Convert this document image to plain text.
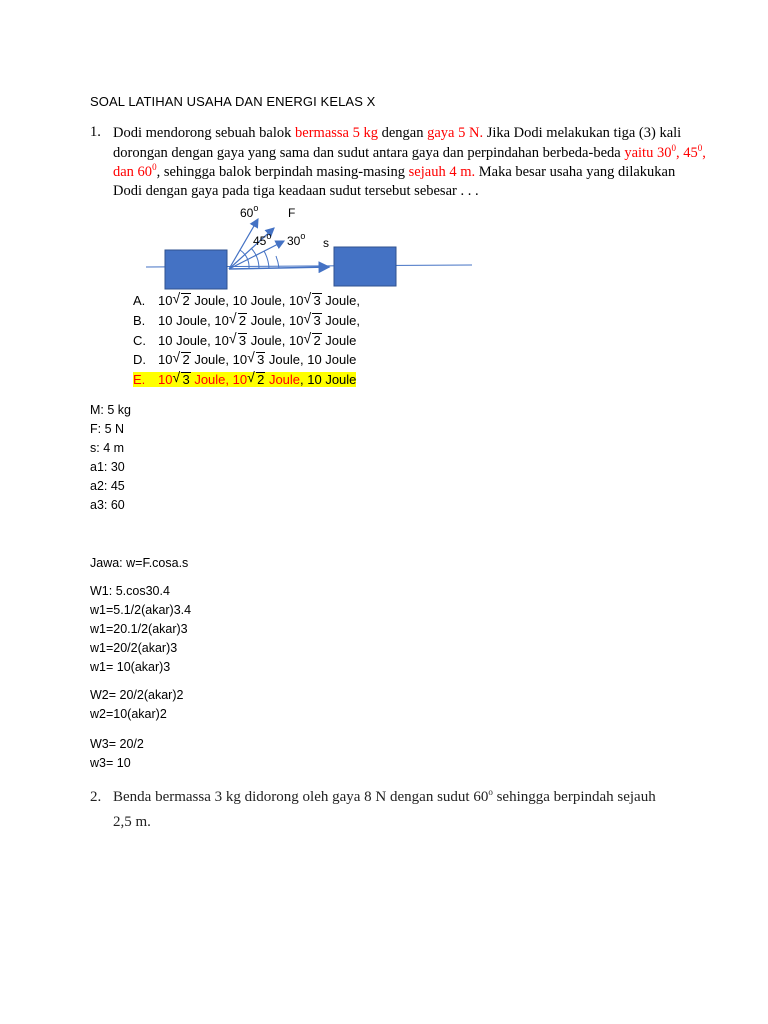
SOAL LATIHAN USAHA DAN ENERGI KELAS X
1. Dodi mendorong sebuah balok bermassa 5 kg dengan gaya 5 N. Jika Dodi melakukan tiga (3) kali
dorongan dengan gaya yang sama dan sudut antara gaya dan perpindahan berbeda-beda yaitu $30^0$, $45^0$,
dan $60^0$, sehingga balok berpindah masing-masing sejauh 4 m. Maka besar usaha yang dilakukan
Dodi dengan gaya pada tiga keadaan sudut tersebut sebesar . . .
60$^o$ F
45$^o$ 30$^o$ s
A. 10 √ 2 Joule, 10 Joule, 10 √ 3 Joule,
B. 10 Joule, 10 √ 2 Joule, 10 √ 3 Joule,
C. 10 Joule, 10 √ 3 Joule, 10 √ 2 Joule
D. 10 √ 2 Joule, 10 √ 3 Joule, 10 Joule
E. 10 √ 3 Joule, 10 √ 2 Joule, 10 Joule
M: 5 kg
F: 5 N
s: 4 m
a1: 30
a2: 45
a3: 60
Jawa: w=F.cosa.s
W1: 5.cos30.4
w1=5.1/2(akar)3.4
w1=20.1/2(akar)3
w1=20/2(akar)3
w1= 10(akar)3
W2= 20/2(akar)2
w2=10(akar)2
W3= 20/2
w3= 10
2. Benda bermassa 3 kg didorong oleh gaya 8 N dengan sudut 60$^o$ sehingga berpindah sejauh
2,5 m.
